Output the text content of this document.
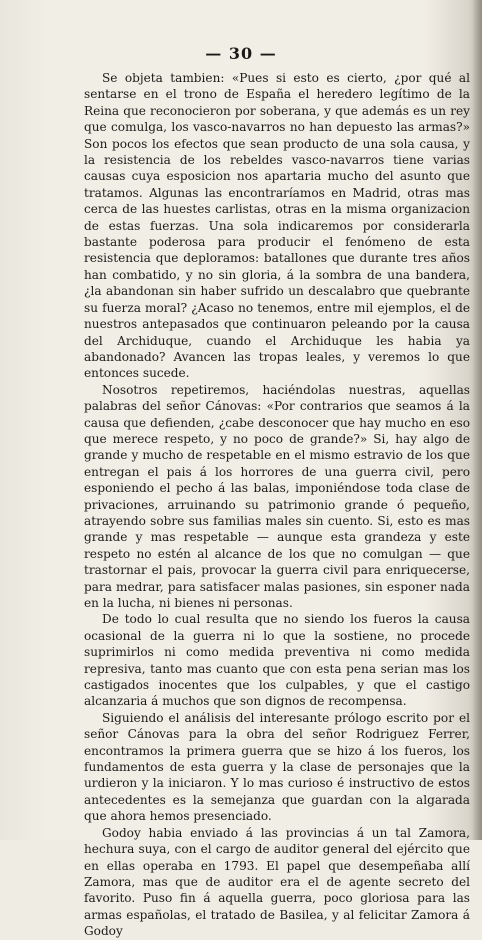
— 30 —

Se objeta tambien: «Pues si esto es cierto, ¿por qué al sentarse en el trono de España el heredero legítimo de la Reina que reconocieron por soberana, y que además es un rey que comulga, los vasco-navarros no han depuesto las armas?» Son pocos los efectos que sean producto de una sola causa, y la resistencia de los rebeldes vasco-navarros tiene varias causas cuya esposicion nos apartaria mucho del asunto que tratamos. Algunas las encontraríamos en Madrid, otras mas cerca de las huestes carlistas, otras en la misma organizacion de estas fuerzas. Una sola indicaremos por considerarla bastante poderosa para producir el fenómeno de esta resistencia que deploramos: batallones que durante tres años han combatido, y no sin gloria, á la sombra de una bandera, ¿la abandonan sin haber sufrido un descalabro que quebrante su fuerza moral? ¿Acaso no tenemos, entre mil ejemplos, el de nuestros antepasados que continuaron peleando por la causa del Archiduque, cuando el Archiduque les habia ya abandonado? Avancen las tropas leales, y veremos lo que entonces sucede.

Nosotros repetiremos, haciéndolas nuestras, aquellas palabras del señor Cánovas: «Por contrarios que seamos á la causa que defienden, ¿cabe desconocer que hay mucho en eso que merece respeto, y no poco de grande?» Si, hay algo de grande y mucho de respetable en el mismo estravio de los que entregan el pais á los horrores de una guerra civil, pero esponiendo el pecho á las balas, imponiéndose toda clase de privaciones, arruinando su patrimonio grande ó pequeño, atrayendo sobre sus familias males sin cuento. Si, esto es mas grande y mas respetable — aunque esta grandeza y este respeto no estén al alcance de los que no comulgan — que trastornar el pais, provocar la guerra civil para enriquecerse, para medrar, para satisfacer malas pasiones, sin esponer nada en la lucha, ni bienes ni personas.

De todo lo cual resulta que no siendo los fueros la causa ocasional de la guerra ni lo que la sostiene, no procede suprimirlos ni como medida preventiva ni como medida represiva, tanto mas cuanto que con esta pena serian mas los castigados inocentes que los culpables, y que el castigo alcanzaria á muchos que son dignos de recompensa.

Siguiendo el análisis del interesante prólogo escrito por el señor Cánovas para la obra del señor Rodriguez Ferrer, encontramos la primera guerra que se hizo á los fueros, los fundamentos de esta guerra y la clase de personajes que la urdieron y la iniciaron. Y lo mas curioso é instructivo de estos antecedentes es la semejanza que guardan con la algarada que ahora hemos presenciado.

Godoy habia enviado á las provincias á un tal Zamora, hechura suya, con el cargo de auditor general del ejército que en ellas operaba en 1793. El papel que desempeñaba allí Zamora, mas que de auditor era el de agente secreto del favorito. Puso fin á aquella guerra, poco gloriosa para las armas españolas, el tratado de Basilea, y al felicitar Zamora á Godoy
